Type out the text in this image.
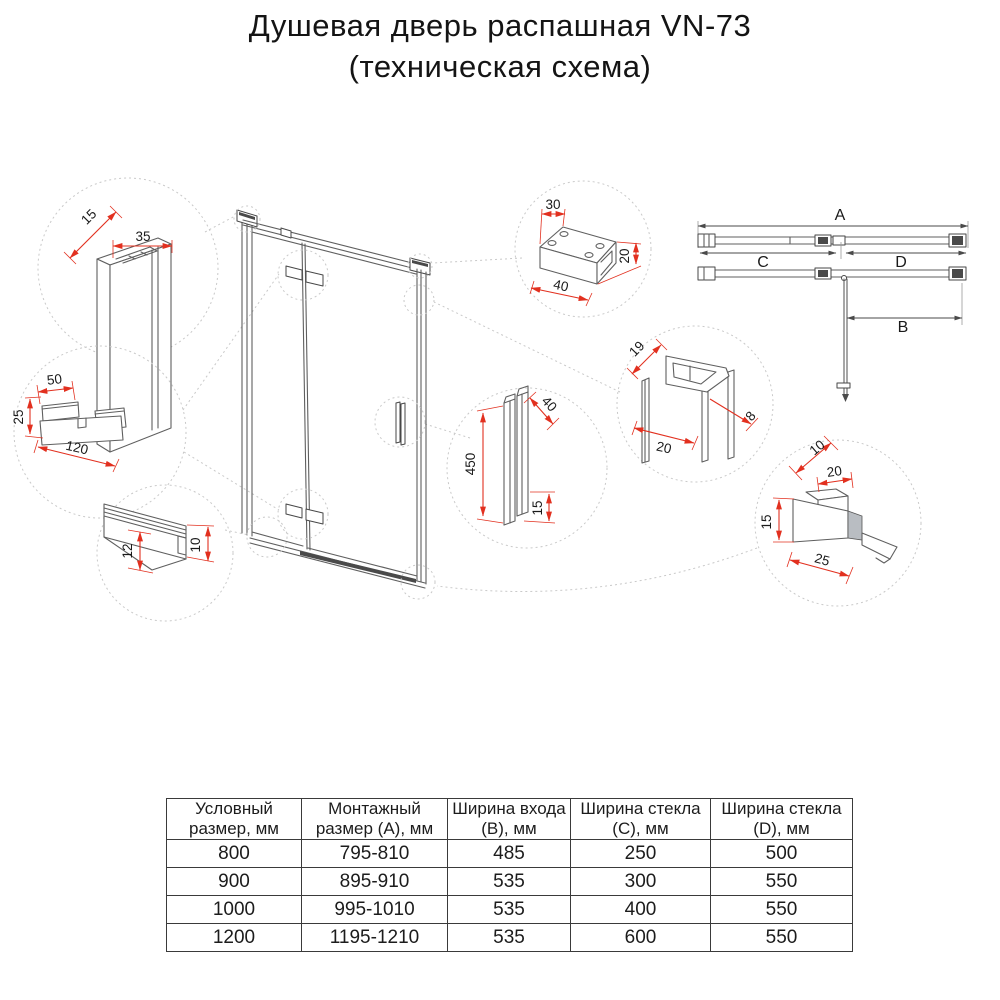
Душевая дверь распашная VN-73
(техническая схема)
35
15
50
25
120
12	10
30
20
40
450
40
15
19
20
8
10
20
15
25
A
C	D
B
Условный размер, мм	Монтажный размер (A), мм	Ширина входа (B), мм	Ширина стекла (C), мм	Ширина стекла (D), мм
800	795-810	485	250	500
900	895-910	535	300	550
1000	995-1010	535	400	550
1200	1195-1210	535	600	550
